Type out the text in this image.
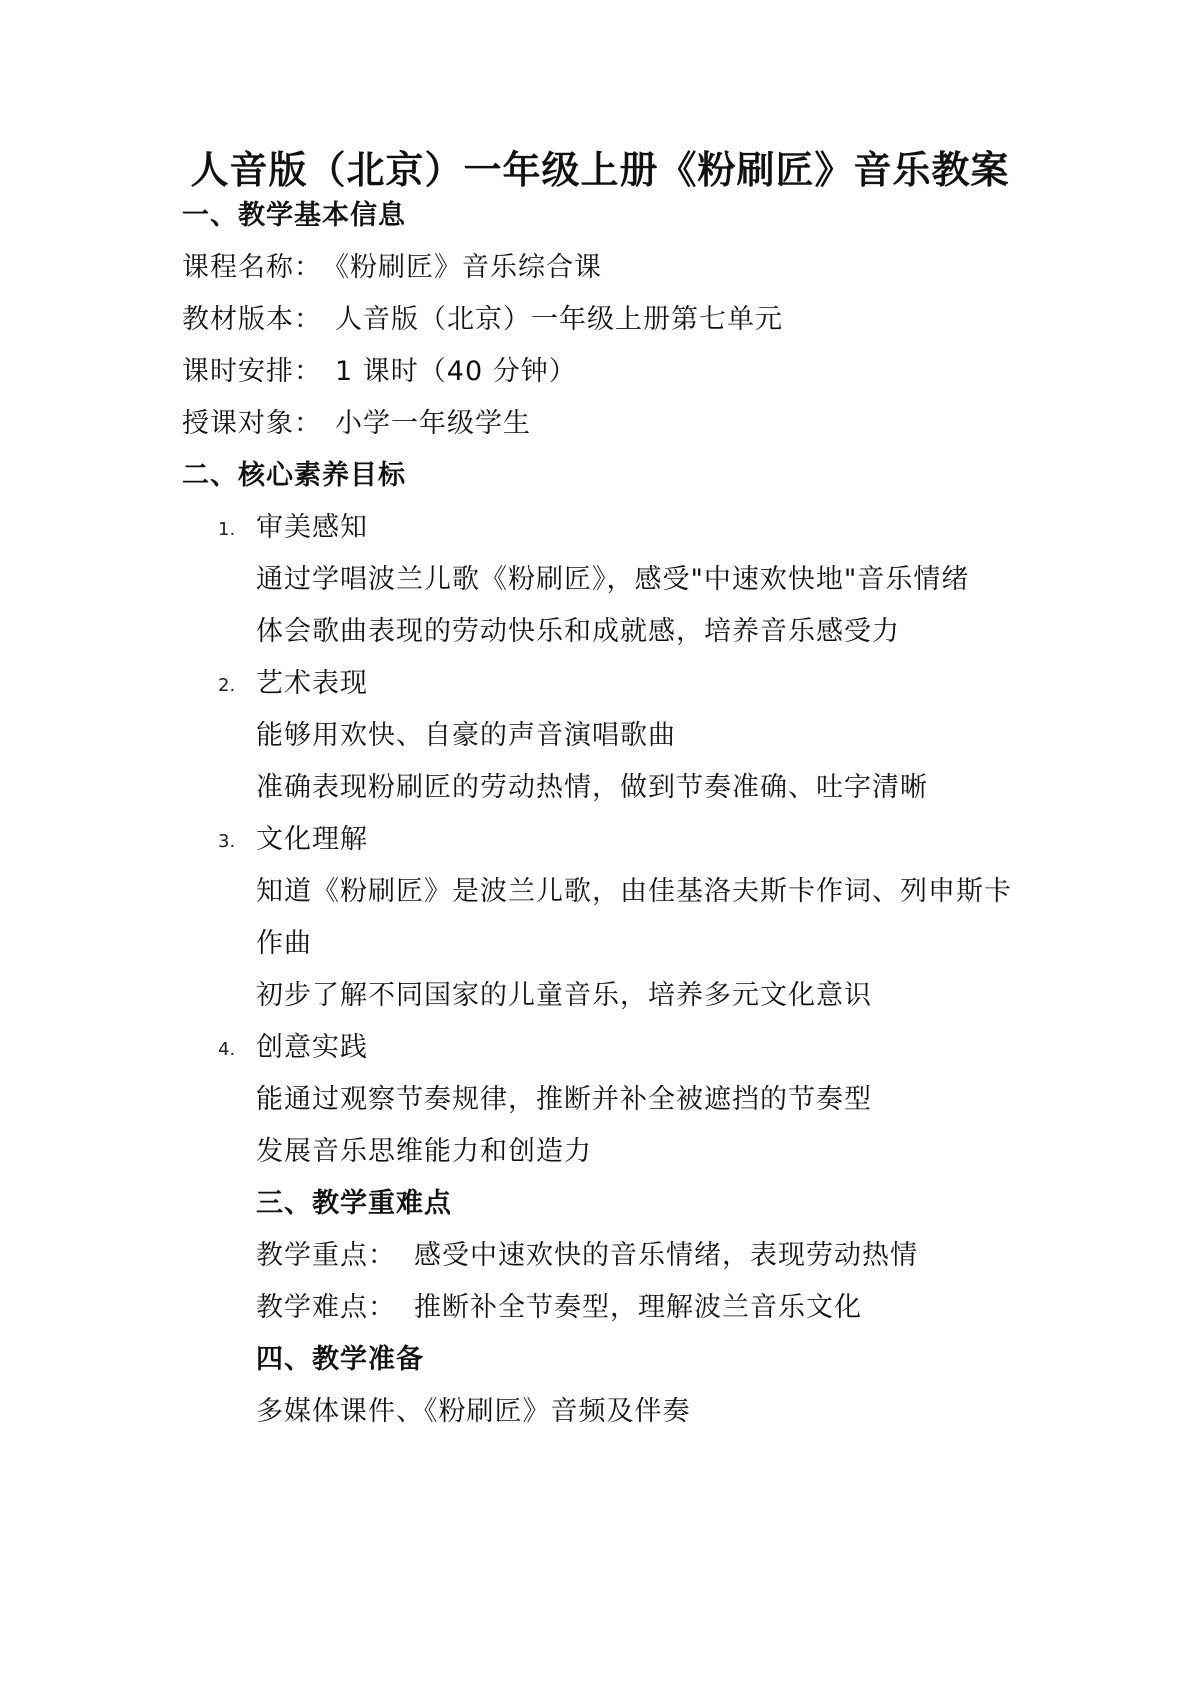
人音版（北京）一年级上册《粉刷匠》音乐教案
一、教学基本信息
课程名称：《粉刷匠》音乐综合课
教材版本： 人音版（北京）一年级上册第七单元
课时安排： 1 课时（40 分钟）
授课对象： 小学一年级学生
二、核心素养目标
1. 审美感知
通过学唱波兰儿歌《粉刷匠》，感受"中速欢快地"音乐情绪
体会歌曲表现的劳动快乐和成就感，培养音乐感受力
2. 艺术表现
能够用欢快、自豪的声音演唱歌曲
准确表现粉刷匠的劳动热情，做到节奏准确、吐字清晰
3. 文化理解
知道《粉刷匠》是波兰儿歌，由佳基洛夫斯卡作词、列申斯卡
作曲
初步了解不同国家的儿童音乐，培养多元文化意识
4. 创意实践
能通过观察节奏规律，推断并补全被遮挡的节奏型
发展音乐思维能力和创造力
三、教学重难点
教学重点： 感受中速欢快的音乐情绪，表现劳动热情
教学难点： 推断补全节奏型，理解波兰音乐文化
四、教学准备
多媒体课件、《粉刷匠》音频及伴奏
